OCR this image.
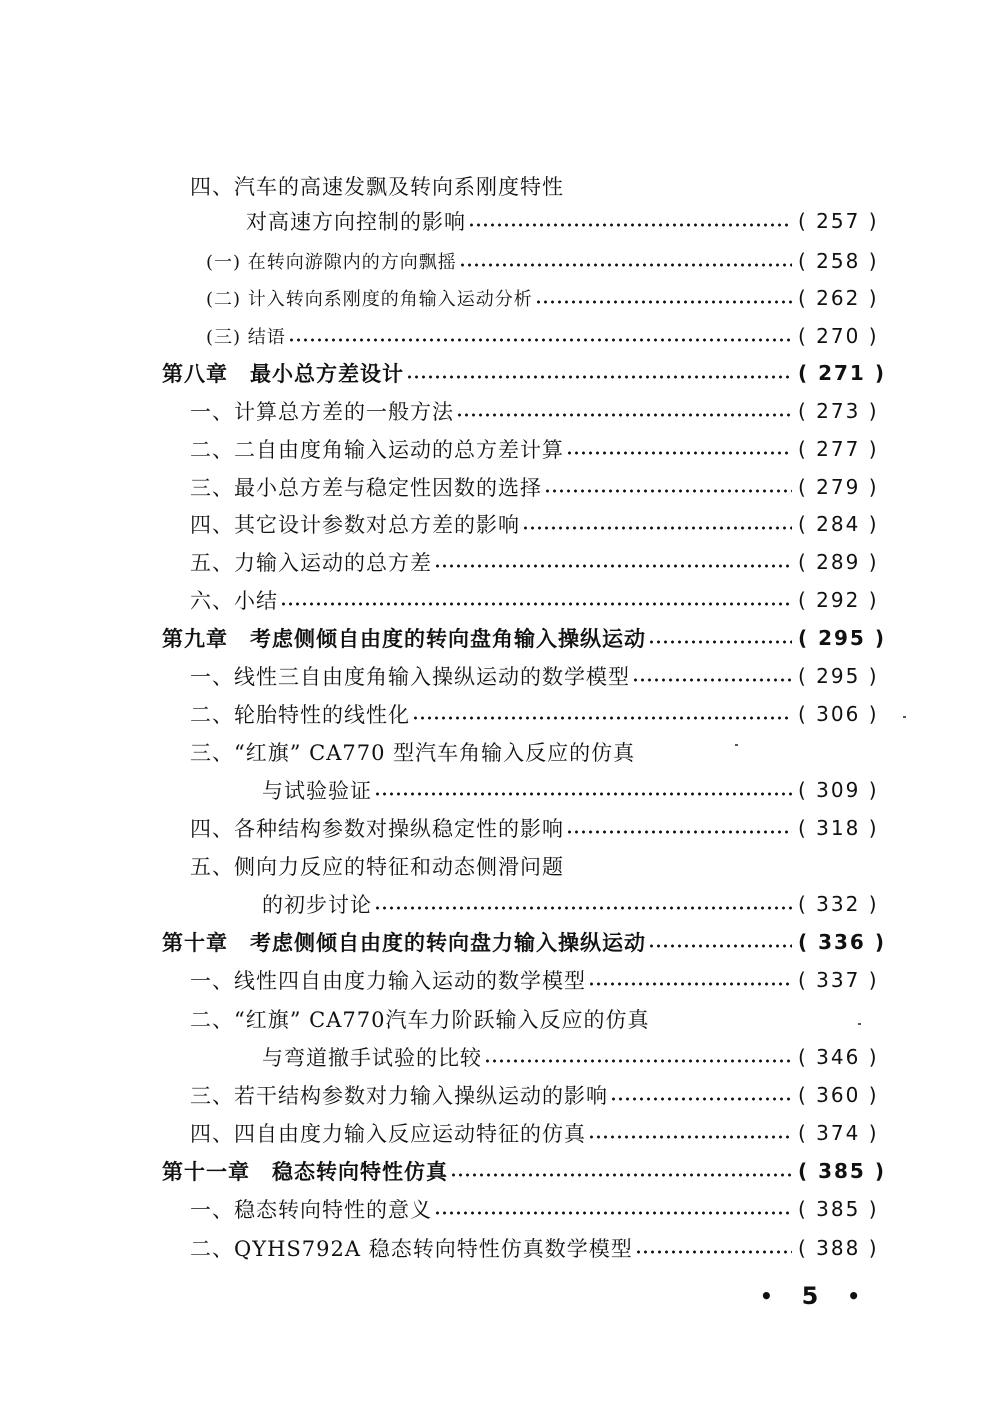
四、汽车的高速发飘及转向系刚度特性
对高速方向控制的影响	( 257 )
(一) 在转向游隙内的方向飘摇	( 258 )
(二) 计入转向系刚度的角输入运动分析	( 262 )
(三) 结语	( 270 )
第八章　最小总方差设计	( 271 )
一、计算总方差的一般方法	( 273 )
二、二自由度角输入运动的总方差计算	( 277 )
三、最小总方差与稳定性因数的选择	( 279 )
四、其它设计参数对总方差的影响	( 284 )
五、力输入运动的总方差	( 289 )
六、小结	( 292 )
第九章　考虑侧倾自由度的转向盘角输入操纵运动	( 295 )
一、线性三自由度角输入操纵运动的数学模型	( 295 )
二、轮胎特性的线性化	( 306 )
三、“红旗” CA770 型汽车角输入反应的仿真
与试验验证	( 309 )
四、各种结构参数对操纵稳定性的影响	( 318 )
五、侧向力反应的特征和动态侧滑问题
的初步讨论	( 332 )
第十章　考虑侧倾自由度的转向盘力输入操纵运动	( 336 )
一、线性四自由度力输入运动的数学模型	( 337 )
二、“红旗” CA770汽车力阶跃输入反应的仿真
与弯道撤手试验的比较	( 346 )
三、若干结构参数对力输入操纵运动的影响	( 360 )
四、四自由度力输入反应运动特征的仿真	( 374 )
第十一章　稳态转向特性仿真	( 385 )
一、稳态转向特性的意义	( 385 )
二、QYHS792A 稳态转向特性仿真数学模型	( 388 )
• 5 •
